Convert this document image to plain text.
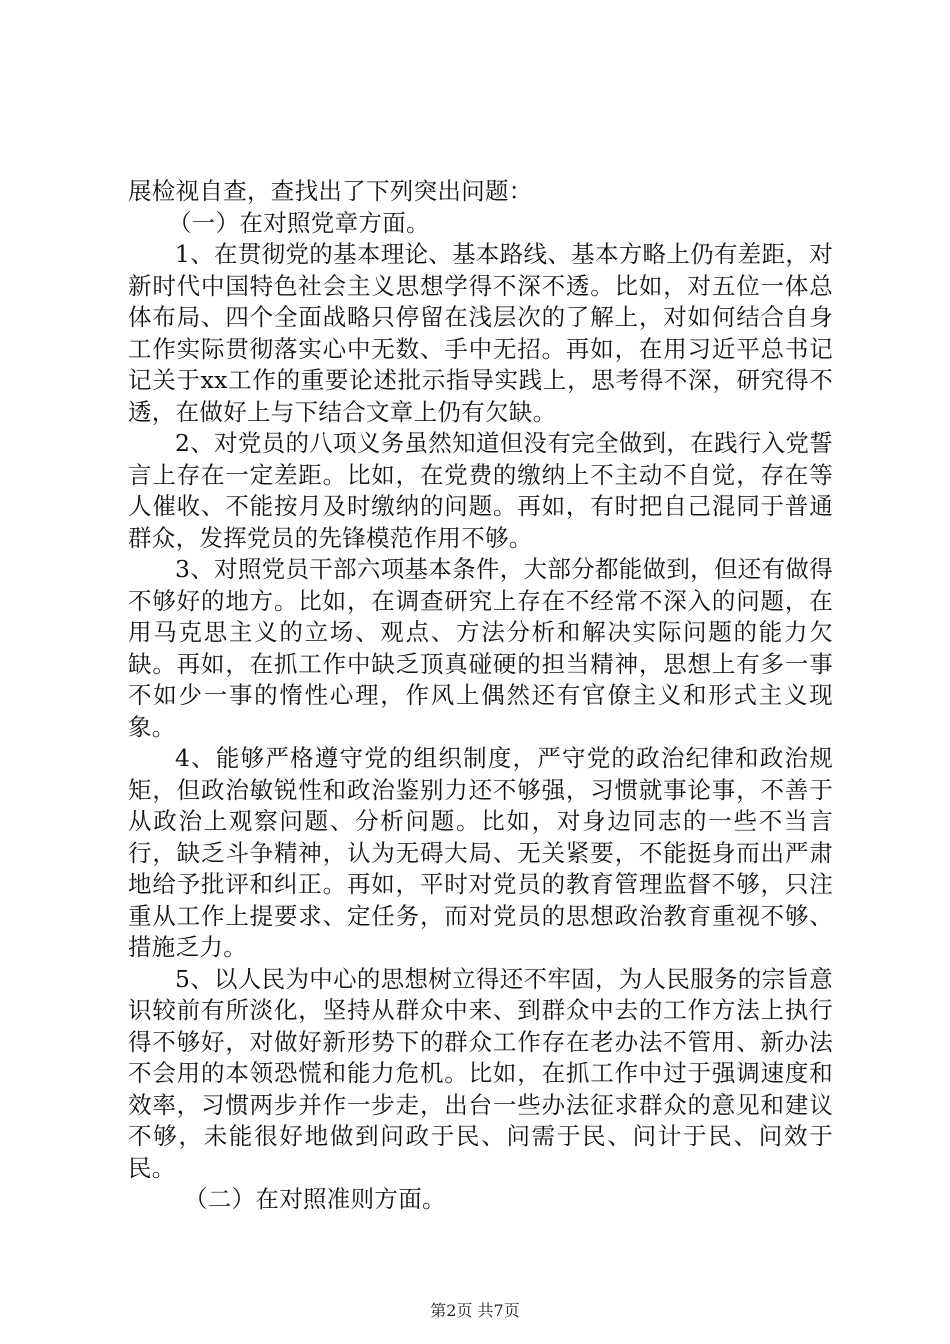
展检视自查，查找出了下列突出问题：

（一）在对照党章方面。

1、在贯彻党的基本理论、基本路线、基本方略上仍有差距，对新时代中国特色社会主义思想学得不深不透。比如，对五位一体总体布局、四个全面战略只停留在浅层次的了解上，对如何结合自身工作实际贯彻落实心中无数、手中无招。再如，在用习近平总书记记关于xx工作的重要论述批示指导实践上，思考得不深，研究得不透，在做好上与下结合文章上仍有欠缺。

2、对党员的八项义务虽然知道但没有完全做到，在践行入党誓言上存在一定差距。比如，在党费的缴纳上不主动不自觉，存在等人催收、不能按月及时缴纳的问题。再如，有时把自己混同于普通群众，发挥党员的先锋模范作用不够。

3、对照党员干部六项基本条件，大部分都能做到，但还有做得不够好的地方。比如，在调查研究上存在不经常不深入的问题，在用马克思主义的立场、观点、方法分析和解决实际问题的能力欠缺。再如，在抓工作中缺乏顶真碰硬的担当精神，思想上有多一事不如少一事的惰性心理，作风上偶然还有官僚主义和形式主义现象。

4、能够严格遵守党的组织制度，严守党的政治纪律和政治规矩，但政治敏锐性和政治鉴别力还不够强，习惯就事论事，不善于从政治上观察问题、分析问题。比如，对身边同志的一些不当言行，缺乏斗争精神，认为无碍大局、无关紧要，不能挺身而出严肃地给予批评和纠正。再如，平时对党员的教育管理监督不够，只注重从工作上提要求、定任务，而对党员的思想政治教育重视不够、措施乏力。

5、以人民为中心的思想树立得还不牢固，为人民服务的宗旨意识较前有所淡化，坚持从群众中来、到群众中去的工作方法上执行得不够好，对做好新形势下的群众工作存在老办法不管用、新办法不会用的本领恐慌和能力危机。比如，在抓工作中过于强调速度和效率，习惯两步并作一步走，出台一些办法征求群众的意见和建议不够，未能很好地做到问政于民、问需于民、问计于民、问效于民。

（二）在对照准则方面。

第2页 共7页
